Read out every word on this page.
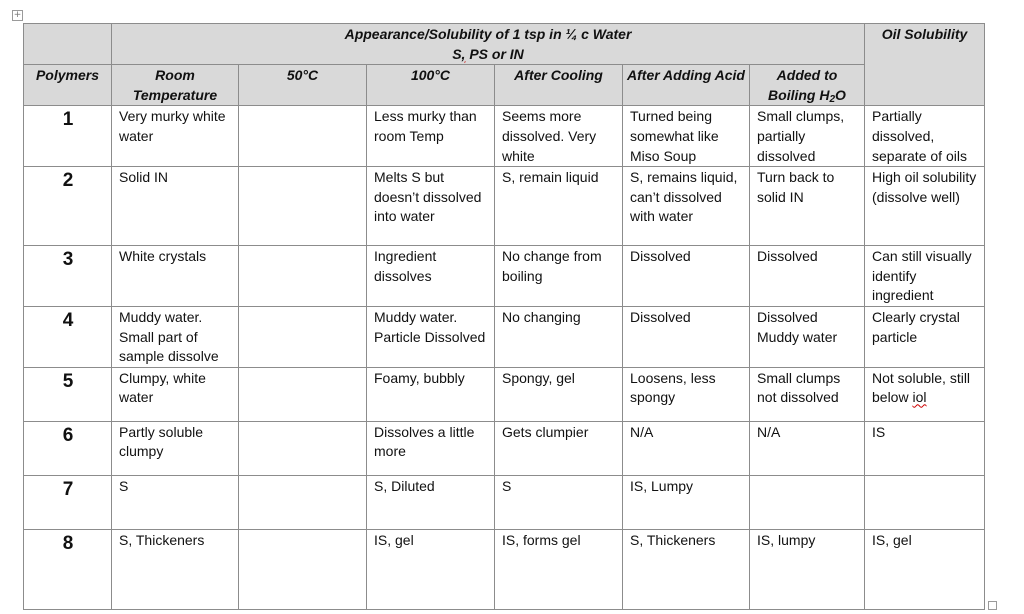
+

	Appearance/Solubility of 1 tsp in ¼ c Water
S, PS or IN						Oil Solubility
Polymers	Room Temperature	50°C	100°C	After Cooling	After Adding Acid	Added to Boiling $H_2O$	
1	Very murky white water		Less murky than room Temp	Seems more dissolved. Very white	Turned being somewhat like Miso Soup	Small clumps, partially dissolved	Partially dissolved, separate of oils
2	Solid IN		Melts S but doesn’t dissolved into water	S, remain liquid	S, remains liquid, can’t dissolved with water	Turn back to solid IN	High oil solubility (dissolve well)
3	White crystals		Ingredient dissolves	No change from boiling	Dissolved	Dissolved	Can still visually identify ingredient
4	Muddy water. Small part of sample dissolve		Muddy water. Particle Dissolved	No changing	Dissolved	Dissolved Muddy water	Clearly crystal particle
5	Clumpy, white water		Foamy, bubbly	Spongy, gel	Loosens, less spongy	Small clumps not dissolved	Not soluble, still below iol
6	Partly soluble clumpy		Dissolves a little more	Gets clumpier	N/A	N/A	IS
7	S		S, Diluted	S	IS, Lumpy		
8	S, Thickeners		IS, gel	IS, forms gel	S, Thickeners	IS, lumpy	IS, gel
